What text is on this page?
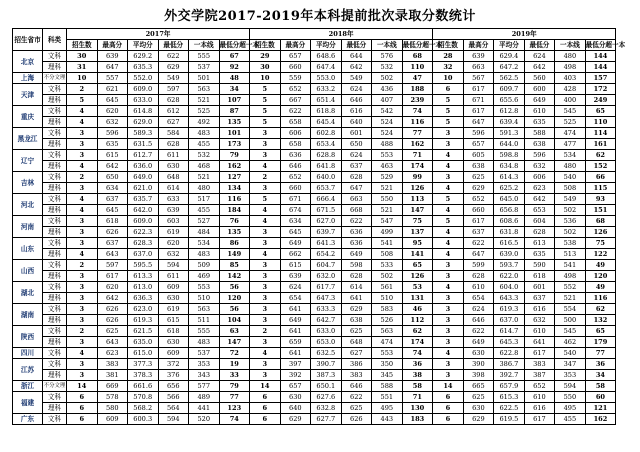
外交学院2017-2019年本科提前批次录取分数统计
招生省市	科类	2017年						2018年						2019年					
		招生数	最高分	平均分	最低分	一本线	最低分超一本	招生数	最高分	平均分	最低分	一本线	最低分超一本	招生数	最高分	平均分	最低分	一本线	最低分超一本
北京	文科	30	639	629.2	622	555	67	29	657	648.6	644	576	68	28	639	629.4	624	480	144
	理科	31	647	635.3	629	537	92	30	660	647.4	642	532	110	32	663	647.2	642	498	144
上海	不分文理	10	557	552.0	549	501	48	10	559	553.0	549	502	47	10	567	562.5	560	403	157
天津	文科	2	621	609.0	597	563	34	5	652	633.2	624	436	188	6	617	609.7	600	428	172
	理科	5	645	633.0	628	521	107	5	667	651.4	646	407	239	5	671	655.6	649	400	249
重庆	文科	4	620	614.8	612	525	87	5	622	618.8	616	542	74	5	617	612.8	610	545	65
	理科	4	632	629.0	627	492	135	5	658	645.4	640	524	116	5	647	639.4	635	525	110
黑龙江	文科	3	596	589.3	584	483	101	3	606	602.8	601	524	77	3	596	591.3	588	474	114
	理科	3	635	631.5	628	455	173	3	658	653.4	650	488	162	3	657	644.0	638	477	161
辽宁	文科	3	615	612.7	611	532	79	3	636	628.8	624	553	71	4	605	598.8	596	534	62
	理科	4	642	636.0	630	468	162	4	646	641.8	637	463	174	4	638	634.8	632	480	152
吉林	文科	2	650	649.0	648	521	127	2	652	640.0	628	529	99	3	625	614.3	606	540	66
	理科	3	634	621.0	614	480	134	3	660	653.7	647	521	126	4	629	625.2	623	508	115
河北	文科	4	637	635.7	633	517	116	5	671	666.4	663	550	113	5	652	645.0	642	549	93
	理科	4	645	642.0	639	455	184	4	674	671.5	668	521	147	4	660	656.8	653	502	151
河南	文科	3	618	609.0	603	527	76	4	634	627.0	622	547	75	5	617	608.6	604	536	68
	理科	3	626	622.3	619	484	135	3	645	639.7	636	499	137	4	637	631.8	628	502	126
山东	文科	3	637	628.3	620	534	86	3	649	641.3	636	541	95	4	622	616.5	613	538	75
	理科	4	643	637.0	632	483	149	4	662	654.2	649	508	141	4	647	639.0	635	513	122
山西	文科	2	597	595.5	594	509	85	3	615	604.7	598	533	65	3	599	593.7	590	541	49
	理科	3	617	613.3	611	469	142	3	639	632.0	628	502	126	3	628	622.0	618	498	120
湖北	文科	3	620	613.0	609	553	56	3	624	617.7	614	561	53	4	610	604.0	601	552	49
	理科	3	642	636.3	630	510	120	3	654	647.3	641	510	131	3	654	643.3	637	521	116
湖南	文科	3	626	623.0	619	563	56	3	641	633.3	629	583	46	3	624	619.3	616	554	62
	理科	3	626	619.3	615	511	104	3	649	642.7	638	526	112	3	646	637.0	632	500	132
陕西	文科	2	625	621.5	618	555	63	2	641	633.0	625	563	62	3	622	614.7	610	545	65
	理科	3	643	635.0	630	483	147	3	659	653.0	648	474	174	3	649	645.3	641	462	179
四川	文科	4	623	615.0	609	537	72	4	641	632.5	627	553	74	4	630	622.8	617	540	77
江苏	文科	3	383	377.3	372	353	19	3	397	390.7	386	350	36	3	390	386.7	383	347	36
	理科	3	381	378.3	376	343	33	3	392	387.3	383	345	38	3	398	392.7	387	353	34
浙江	不分文理	14	669	661.6	656	577	79	14	657	650.1	646	588	58	14	665	657.9	652	594	58
福建	文科	6	578	570.8	566	489	77	6	630	627.6	622	551	71	6	625	615.3	610	550	60
	理科	6	580	568.2	564	441	123	6	640	632.8	625	495	130	6	630	622.5	616	495	121
广东	文科	6	609	600.3	594	520	74	6	629	627.7	626	443	183	6	629	619.5	617	455	162
